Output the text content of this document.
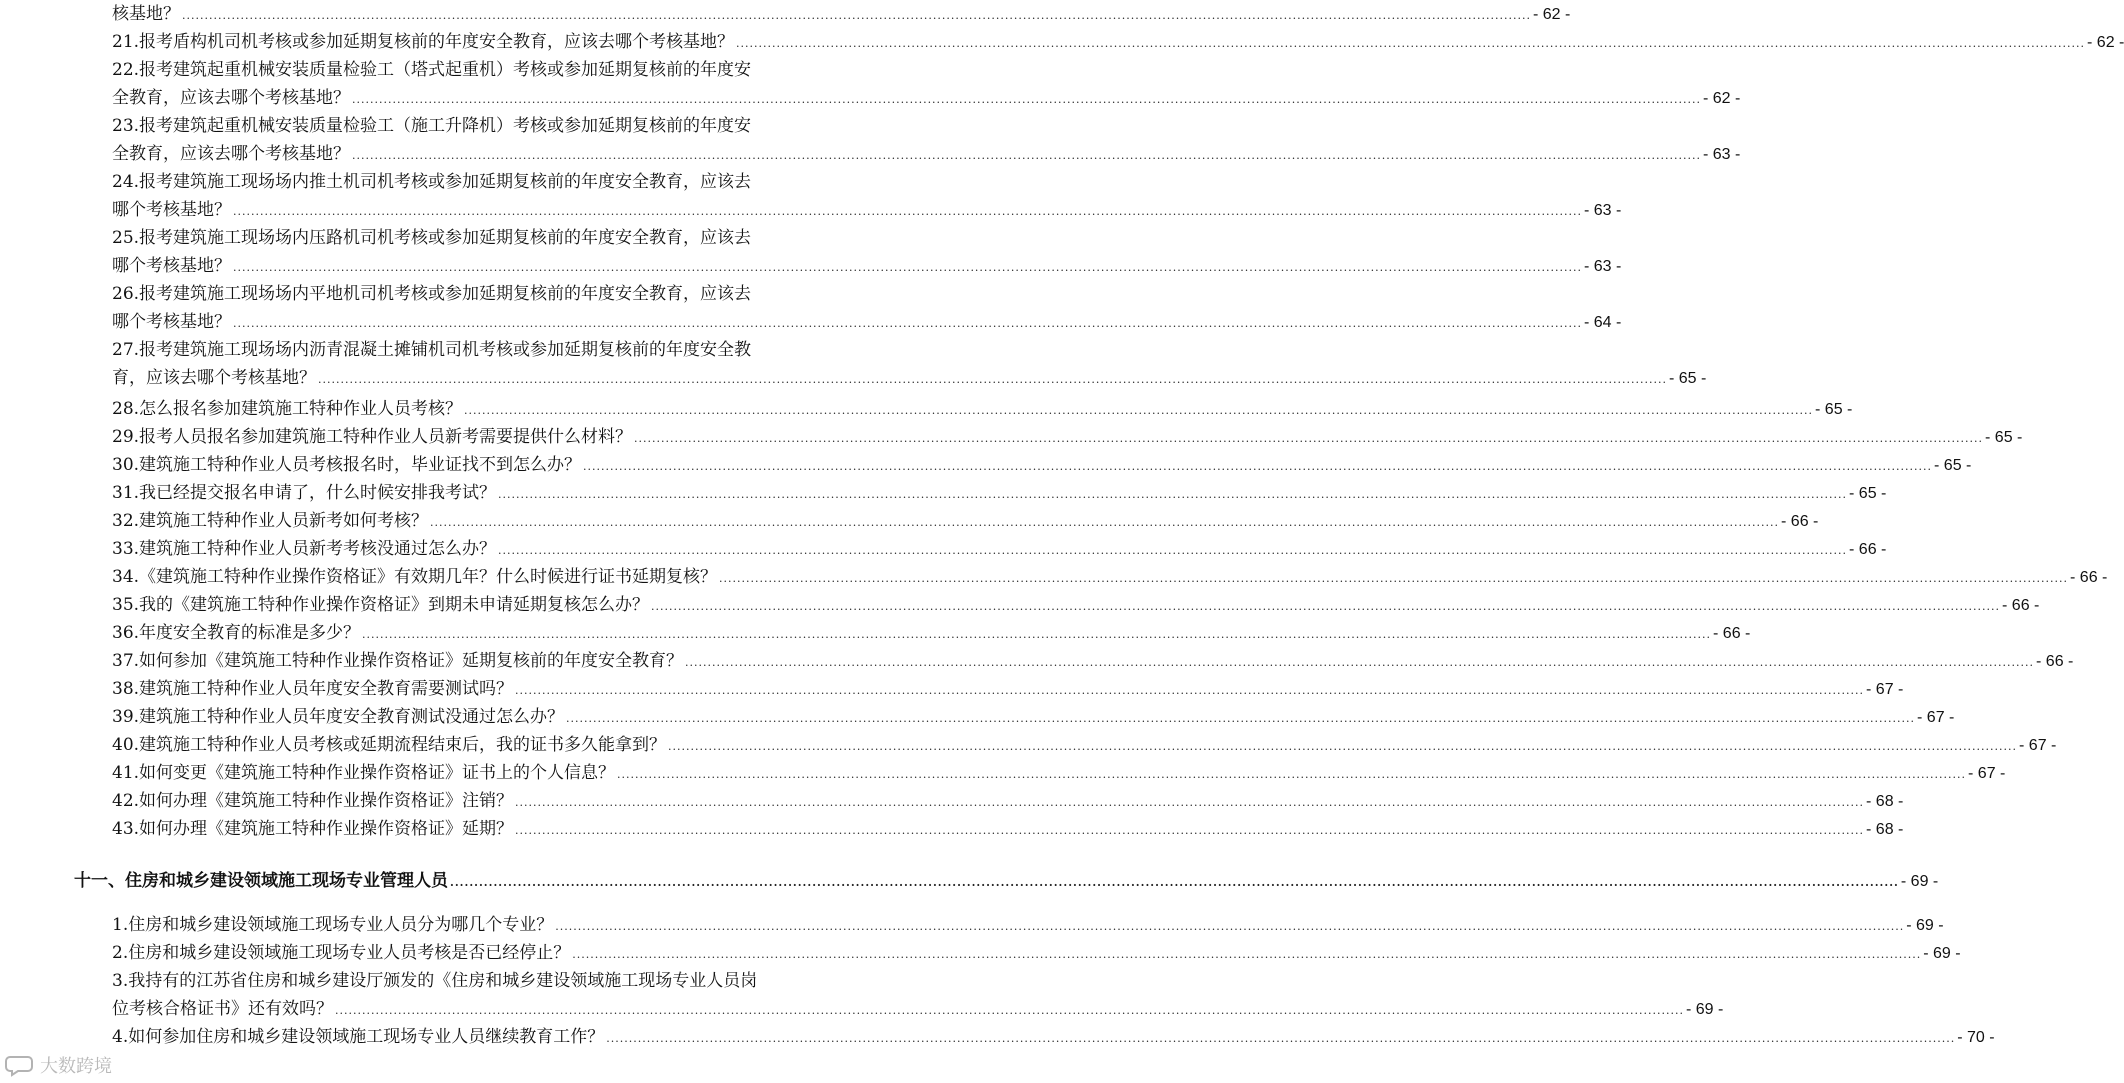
核基地？ ............................................................................................................................................................................................................................................................................................................ - 62 -
21.报考盾构机司机考核或参加延期复核前的年度安全教育，应该去哪个考核基地？ ............................................................................................................................................................................................................................................................................................................ - 62 -
22.报考建筑起重机械安装质量检验工（塔式起重机）考核或参加延期复核前的年度安
全教育，应该去哪个考核基地？ ............................................................................................................................................................................................................................................................................................................ - 62 -
23.报考建筑起重机械安装质量检验工（施工升降机）考核或参加延期复核前的年度安
全教育，应该去哪个考核基地？ ............................................................................................................................................................................................................................................................................................................ - 63 -
24.报考建筑施工现场场内推土机司机考核或参加延期复核前的年度安全教育，应该去
哪个考核基地？ ............................................................................................................................................................................................................................................................................................................ - 63 -
25.报考建筑施工现场场内压路机司机考核或参加延期复核前的年度安全教育，应该去
哪个考核基地？ ............................................................................................................................................................................................................................................................................................................ - 63 -
26.报考建筑施工现场场内平地机司机考核或参加延期复核前的年度安全教育，应该去
哪个考核基地？ ............................................................................................................................................................................................................................................................................................................ - 64 -
27.报考建筑施工现场场内沥青混凝土摊铺机司机考核或参加延期复核前的年度安全教
育，应该去哪个考核基地？ ............................................................................................................................................................................................................................................................................................................ - 65 -
28.怎么报名参加建筑施工特种作业人员考核？ ............................................................................................................................................................................................................................................................................................................ - 65 -
29.报考人员报名参加建筑施工特种作业人员新考需要提供什么材料？ ............................................................................................................................................................................................................................................................................................................ - 65 -
30.建筑施工特种作业人员考核报名时，毕业证找不到怎么办？ ............................................................................................................................................................................................................................................................................................................ - 65 -
31.我已经提交报名申请了，什么时候安排我考试？ ............................................................................................................................................................................................................................................................................................................ - 65 -
32.建筑施工特种作业人员新考如何考核？ ............................................................................................................................................................................................................................................................................................................ - 66 -
33.建筑施工特种作业人员新考考核没通过怎么办？ ............................................................................................................................................................................................................................................................................................................ - 66 -
34.《建筑施工特种作业操作资格证》有效期几年？什么时候进行证书延期复核？ ............................................................................................................................................................................................................................................................................................................ - 66 -
35.我的《建筑施工特种作业操作资格证》到期未申请延期复核怎么办？ ............................................................................................................................................................................................................................................................................................................ - 66 -
36.年度安全教育的标准是多少？ ............................................................................................................................................................................................................................................................................................................ - 66 -
37.如何参加《建筑施工特种作业操作资格证》延期复核前的年度安全教育？ ............................................................................................................................................................................................................................................................................................................ - 66 -
38.建筑施工特种作业人员年度安全教育需要测试吗？ ............................................................................................................................................................................................................................................................................................................ - 67 -
39.建筑施工特种作业人员年度安全教育测试没通过怎么办？ ............................................................................................................................................................................................................................................................................................................ - 67 -
40.建筑施工特种作业人员考核或延期流程结束后，我的证书多久能拿到？ ............................................................................................................................................................................................................................................................................................................ - 67 -
41.如何变更《建筑施工特种作业操作资格证》证书上的个人信息？ ............................................................................................................................................................................................................................................................................................................ - 67 -
42.如何办理《建筑施工特种作业操作资格证》注销？ ............................................................................................................................................................................................................................................................................................................ - 68 -
43.如何办理《建筑施工特种作业操作资格证》延期？ ............................................................................................................................................................................................................................................................................................................ - 68 -
十一、住房和城乡建设领域施工现场专业管理人员 ............................................................................................................................................................................................................................................................................................................ - 69 -
1.住房和城乡建设领域施工现场专业人员分为哪几个专业？ ............................................................................................................................................................................................................................................................................................................ - 69 -
2.住房和城乡建设领域施工现场专业人员考核是否已经停止？ ............................................................................................................................................................................................................................................................................................................ - 69 -
3.我持有的江苏省住房和城乡建设厅颁发的《住房和城乡建设领域施工现场专业人员岗
位考核合格证书》还有效吗？ ............................................................................................................................................................................................................................................................................................................ - 69 -
4.如何参加住房和城乡建设领域施工现场专业人员继续教育工作？ ............................................................................................................................................................................................................................................................................................................ - 70 -
大数跨境
